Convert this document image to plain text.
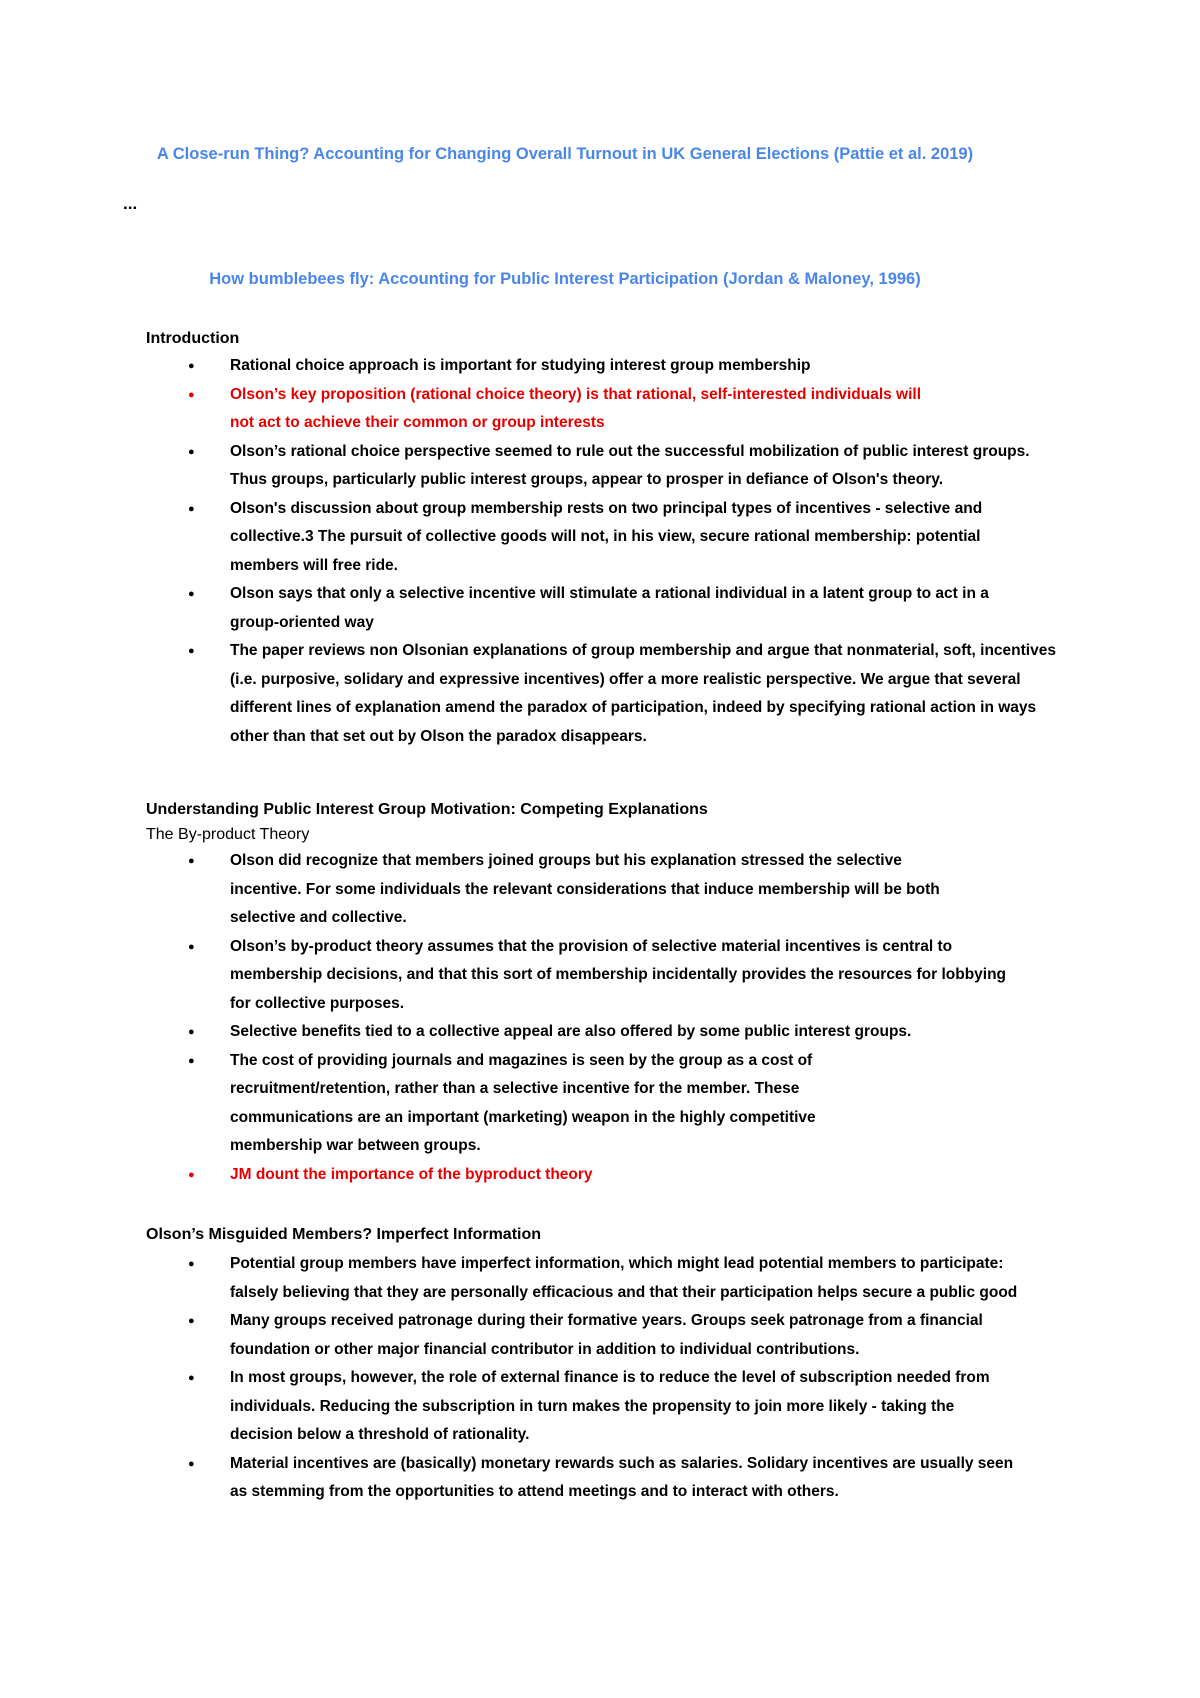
A Close-run Thing? Accounting for Changing Overall Turnout in UK General Elections (Pattie et al. 2019)
...
How bumblebees fly: Accounting for Public Interest Participation (Jordan & Maloney, 1996)
Introduction
● Rational choice approach is important for studying interest group membership
● Olson’s key proposition (rational choice theory) is that rational, self-interested individuals will not act to achieve their common or group interests
● Olson’s rational choice perspective seemed to rule out the successful mobilization of public interest groups. Thus groups, particularly public interest groups, appear to prosper in defiance of Olson's theory.
● Olson's discussion about group membership rests on two principal types of incentives - selective and collective.3 The pursuit of collective goods will not, in his view, secure rational membership: potential members will free ride.
● Olson says that only a selective incentive will stimulate a rational individual in a latent group to act in a group-oriented way
● The paper reviews non Olsonian explanations of group membership and argue that nonmaterial, soft, incentives (i.e. purposive, solidary and expressive incentives) offer a more realistic perspective. We argue that several different lines of explanation amend the paradox of participation, indeed by specifying rational action in ways other than that set out by Olson the paradox disappears.
Understanding Public Interest Group Motivation: Competing Explanations
The By-product Theory
● Olson did recognize that members joined groups but his explanation stressed the selective incentive. For some individuals the relevant considerations that induce membership will be both selective and collective.
● Olson’s by-product theory assumes that the provision of selective material incentives is central to membership decisions, and that this sort of membership incidentally provides the resources for lobbying for collective purposes.
● Selective benefits tied to a collective appeal are also offered by some public interest groups.
● The cost of providing journals and magazines is seen by the group as a cost of recruitment/retention, rather than a selective incentive for the member. These communications are an important (marketing) weapon in the highly competitive membership war between groups.
● JM dount the importance of the byproduct theory
Olson’s Misguided Members? Imperfect Information
● Potential group members have imperfect information, which might lead potential members to participate: falsely believing that they are personally efficacious and that their participation helps secure a public good
● Many groups received patronage during their formative years. Groups seek patronage from a financial foundation or other major financial contributor in addition to individual contributions.
● In most groups, however, the role of external finance is to reduce the level of subscription needed from individuals. Reducing the subscription in turn makes the propensity to join more likely - taking the decision below a threshold of rationality.
● Material incentives are (basically) monetary rewards such as salaries. Solidary incentives are usually seen as stemming from the opportunities to attend meetings and to interact with others.
